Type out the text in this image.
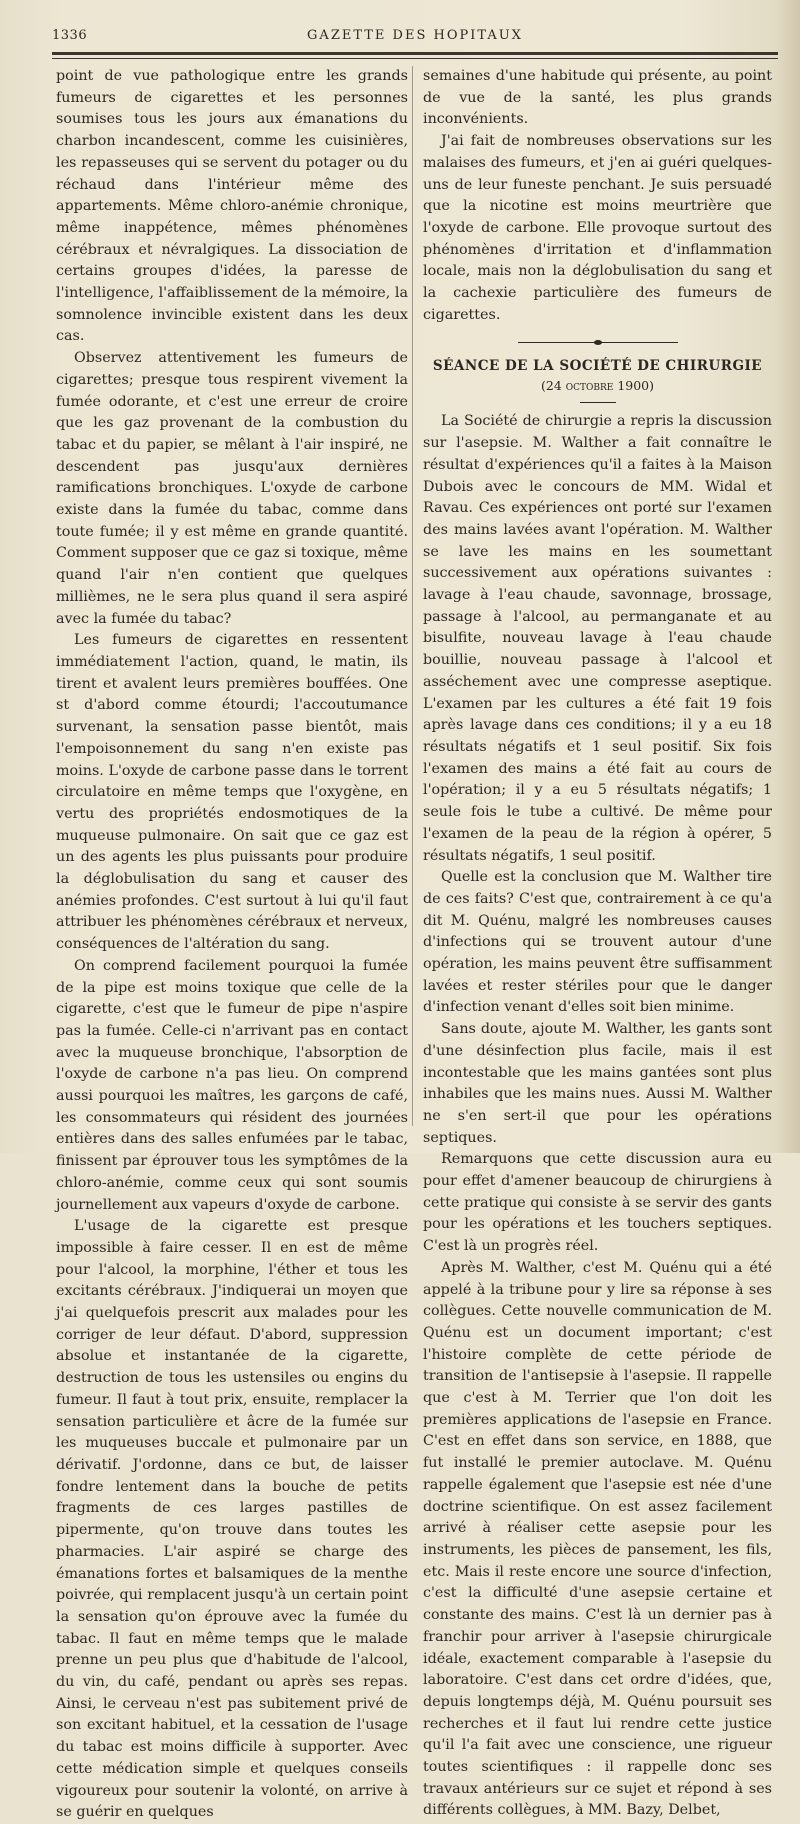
1336	GAZETTE DES HOPITAUX

point de vue pathologique entre les grands fumeurs de cigarettes et les personnes soumises tous les jours aux émanations du charbon incandescent, comme les cuisinières, les repasseuses qui se servent du potager ou du réchaud dans l'intérieur même des appartements. Même chloro-anémie chronique, même inappétence, mêmes phénomènes cérébraux et névralgiques. La dissociation de certains groupes d'idées, la paresse de l'intelligence, l'affaiblissement de la mémoire, la somnolence invincible existent dans les deux cas.

Observez attentivement les fumeurs de cigarettes; presque tous respirent vivement la fumée odorante, et c'est une erreur de croire que les gaz provenant de la combustion du tabac et du papier, se mêlant à l'air inspiré, ne descendent pas jusqu'aux dernières ramifications bronchiques. L'oxyde de carbone existe dans la fumée du tabac, comme dans toute fumée; il y est même en grande quantité. Comment supposer que ce gaz si toxique, même quand l'air n'en contient que quelques millièmes, ne le sera plus quand il sera aspiré avec la fumée du tabac?

Les fumeurs de cigarettes en ressentent immédiatement l'action, quand, le matin, ils tirent et avalent leurs premières bouffées. One st d'abord comme étourdi; l'accoutumance survenant, la sensation passe bientôt, mais l'empoisonnement du sang n'en existe pas moins. L'oxyde de carbone passe dans le torrent circulatoire en même temps que l'oxygène, en vertu des propriétés endosmotiques de la muqueuse pulmonaire. On sait que ce gaz est un des agents les plus puissants pour produire la déglobulisation du sang et causer des anémies profondes. C'est surtout à lui qu'il faut attribuer les phénomènes cérébraux et nerveux, conséquences de l'altération du sang.

On comprend facilement pourquoi la fumée de la pipe est moins toxique que celle de la cigarette, c'est que le fumeur de pipe n'aspire pas la fumée. Celle-ci n'arrivant pas en contact avec la muqueuse bronchique, l'absorption de l'oxyde de carbone n'a pas lieu. On comprend aussi pourquoi les maîtres, les garçons de café, les consommateurs qui résident des journées entières dans des salles enfumées par le tabac, finissent par éprouver tous les symptômes de la chloro-anémie, comme ceux qui sont soumis journellement aux vapeurs d'oxyde de carbone.

L'usage de la cigarette est presque impossible à faire cesser. Il en est de même pour l'alcool, la morphine, l'éther et tous les excitants cérébraux. J'indiquerai un moyen que j'ai quelquefois prescrit aux malades pour les corriger de leur défaut. D'abord, suppression absolue et instantanée de la cigarette, destruction de tous les ustensiles ou engins du fumeur. Il faut à tout prix, ensuite, remplacer la sensation particulière et âcre de la fumée sur les muqueuses buccale et pulmonaire par un dérivatif. J'ordonne, dans ce but, de laisser fondre lentement dans la bouche de petits fragments de ces larges pastilles de pipermente, qu'on trouve dans toutes les pharmacies. L'air aspiré se charge des émanations fortes et balsamiques de la menthe poivrée, qui remplacent jusqu'à un certain point la sensation qu'on éprouve avec la fumée du tabac. Il faut en même temps que le malade prenne un peu plus que d'habitude de l'alcool, du vin, du café, pendant ou après ses repas. Ainsi, le cerveau n'est pas subitement privé de son excitant habituel, et la cessation de l'usage du tabac est moins difficile à supporter. Avec cette médication simple et quelques conseils vigoureux pour soutenir la volonté, on arrive à se guérir en quelques

semaines d'une habitude qui présente, au point de vue de la santé, les plus grands inconvénients.

J'ai fait de nombreuses observations sur les malaises des fumeurs, et j'en ai guéri quelques-uns de leur funeste penchant. Je suis persuadé que la nicotine est moins meurtrière que l'oxyde de carbone. Elle provoque surtout des phénomènes d'irritation et d'inflammation locale, mais non la déglobulisation du sang et la cachexie particulière des fumeurs de cigarettes.

SÉANCE DE LA SOCIÉTÉ DE CHIRURGIE

(24 octobre 1900)

La Société de chirurgie a repris la discussion sur l'asepsie. M. Walther a fait connaître le résultat d'expériences qu'il a faites à la Maison Dubois avec le concours de MM. Widal et Ravau. Ces expériences ont porté sur l'examen des mains lavées avant l'opération. M. Walther se lave les mains en les soumettant successivement aux opérations suivantes : lavage à l'eau chaude, savonnage, brossage, passage à l'alcool, au permanganate et au bisulfite, nouveau lavage à l'eau chaude bouillie, nouveau passage à l'alcool et asséchement avec une compresse aseptique. L'examen par les cultures a été fait 19 fois après lavage dans ces conditions; il y a eu 18 résultats négatifs et 1 seul positif. Six fois l'examen des mains a été fait au cours de l'opération; il y a eu 5 résultats négatifs; 1 seule fois le tube a cultivé. De même pour l'examen de la peau de la région à opérer, 5 résultats négatifs, 1 seul positif.

Quelle est la conclusion que M. Walther tire de ces faits? C'est que, contrairement à ce qu'a dit M. Quénu, malgré les nombreuses causes d'infections qui se trouvent autour d'une opération, les mains peuvent être suffisamment lavées et rester stériles pour que le danger d'infection venant d'elles soit bien minime.

Sans doute, ajoute M. Walther, les gants sont d'une désinfection plus facile, mais il est incontestable que les mains gantées sont plus inhabiles que les mains nues. Aussi M. Walther ne s'en sert-il que pour les opérations septiques.

Remarquons que cette discussion aura eu pour effet d'amener beaucoup de chirurgiens à cette pratique qui consiste à se servir des gants pour les opérations et les touchers septiques. C'est là un progrès réel.

Après M. Walther, c'est M. Quénu qui a été appelé à la tribune pour y lire sa réponse à ses collègues. Cette nouvelle communication de M. Quénu est un document important; c'est l'histoire complète de cette période de transition de l'antisepsie à l'asepsie. Il rappelle que c'est à M. Terrier que l'on doit les premières applications de l'asepsie en France. C'est en effet dans son service, en 1888, que fut installé le premier autoclave. M. Quénu rappelle également que l'asepsie est née d'une doctrine scientifique. On est assez facilement arrivé à réaliser cette asepsie pour les instruments, les pièces de pansement, les fils, etc. Mais il reste encore une source d'infection, c'est la difficulté d'une asepsie certaine et constante des mains. C'est là un dernier pas à franchir pour arriver à l'asepsie chirurgicale idéale, exactement comparable à l'asepsie du laboratoire. C'est dans cet ordre d'idées, que, depuis longtemps déjà, M. Quénu poursuit ses recherches et il faut lui rendre cette justice qu'il l'a fait avec une conscience, une rigueur toutes scientifiques : il rappelle donc ses travaux antérieurs sur ce sujet et répond à ses différents collègues, à MM. Bazy, Delbet,
